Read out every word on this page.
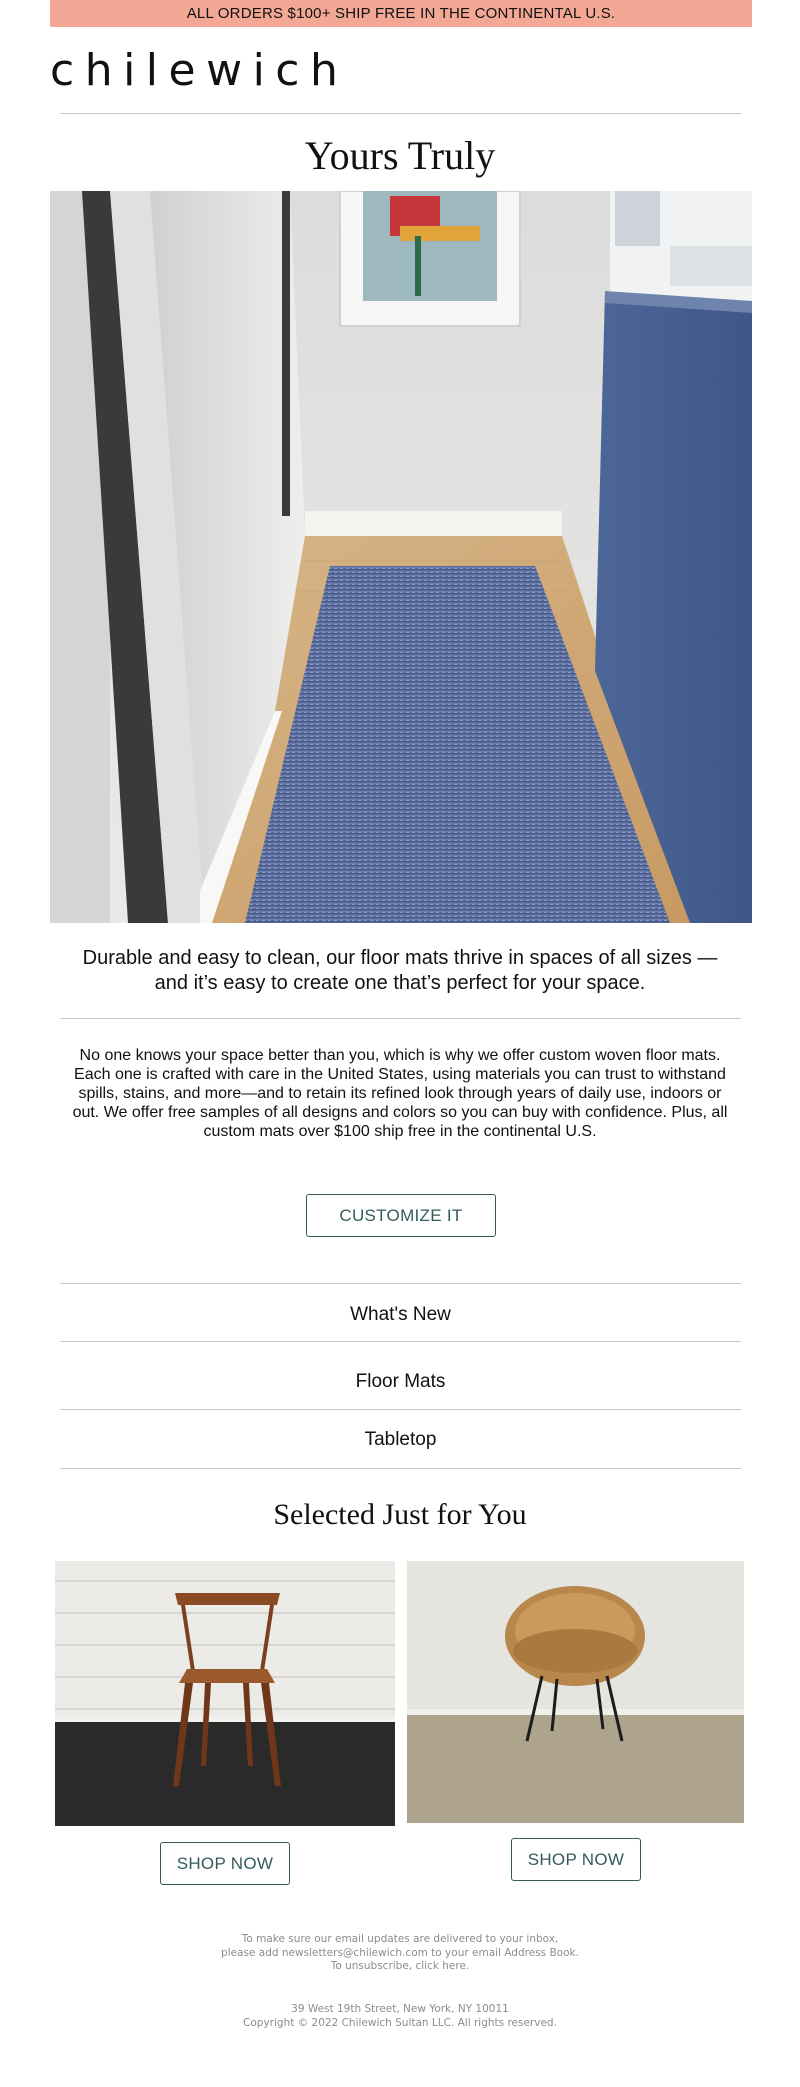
ALL ORDERS $100+ SHIP FREE IN THE CONTINENTAL U.S.
chilewich
Yours Truly
Durable and easy to clean, our floor mats thrive in spaces of all sizes —and it’s easy to create one that’s perfect for your space.
No one knows your space better than you, which is why we offer custom woven floor mats. Each one is crafted with care in the United States, using materials you can trust to withstand spills, stains, and more—and to retain its refined look through years of daily use, indoors or out. We offer free samples of all designs and colors so you can buy with confidence. Plus, all custom mats over $100 ship free in the continental U.S.
CUSTOMIZE IT
What's New
Floor Mats
Tabletop
Selected Just for You
SHOP NOW	SHOP NOW
To make sure our email updates are delivered to your inbox,
please add newsletters@chilewich.com to your email Address Book.
To unsubscribe, click here.
39 West 19th Street, New York, NY 10011
Copyright © 2022 Chilewich Sultan LLC. All rights reserved.
